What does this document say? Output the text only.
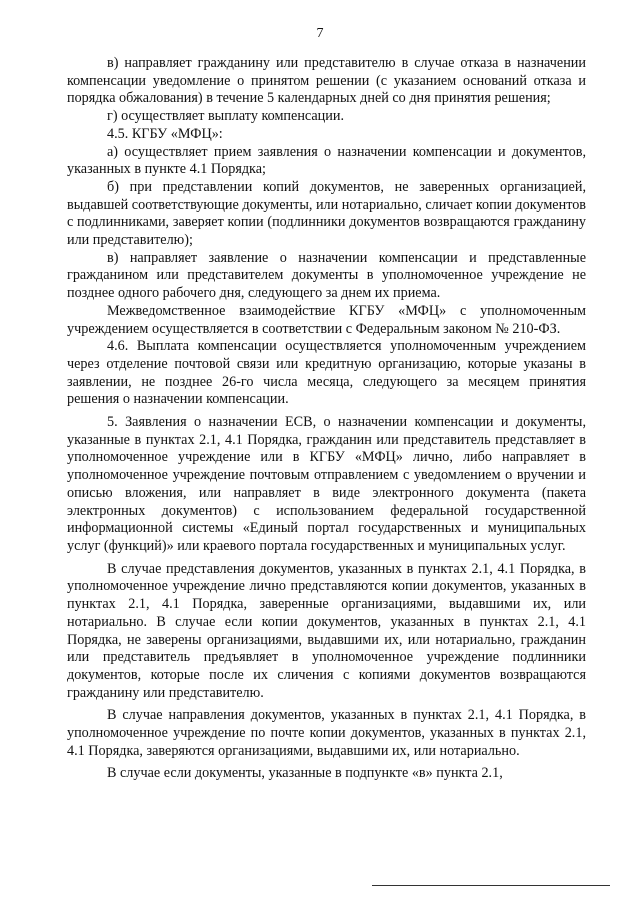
7

в) направляет гражданину или представителю в случае отказа в назначении компенсации уведомление о принятом решении (с указанием оснований отказа и порядка обжалования) в течение 5 календарных дней со дня принятия решения;

г) осуществляет выплату компенсации.

4.5. КГБУ «МФЦ»:

а) осуществляет прием заявления о назначении компенсации и документов, указанных в пункте 4.1 Порядка;

б) при представлении копий документов, не заверенных организацией, выдавшей соответствующие документы, или нотариально, сличает копии документов с подлинниками, заверяет копии (подлинники документов возвращаются гражданину или представителю);

в) направляет заявление о назначении компенсации и представленные гражданином или представителем документы в уполномоченное учреждение не позднее одного рабочего дня, следующего за днем их приема.

Межведомственное взаимодействие КГБУ «МФЦ» с уполномоченным учреждением осуществляется в соответствии с Федеральным законом № 210-ФЗ.

4.6. Выплата компенсации осуществляется уполномоченным учреждением через отделение почтовой связи или кредитную организацию, которые указаны в заявлении, не позднее 26-го числа месяца, следующего за месяцем принятия решения о назначении компенсации.

5. Заявления о назначении ЕСВ, о назначении компенсации и документы, указанные в пунктах 2.1, 4.1 Порядка, гражданин или представитель представляет в уполномоченное учреждение или в КГБУ «МФЦ» лично, либо направляет в уполномоченное учреждение почтовым отправлением с уведомлением о вручении и описью вложения, или направляет в виде электронного документа (пакета электронных документов) с использованием федеральной государственной информационной системы «Единый портал государственных и муниципальных услуг (функций)» или краевого портала государственных и муниципальных услуг.

В случае представления документов, указанных в пунктах 2.1, 4.1 Порядка, в уполномоченное учреждение лично представляются копии документов, указанных в пунктах 2.1, 4.1 Порядка, заверенные организациями, выдавшими их, или нотариально. В случае если копии документов, указанных в пунктах 2.1, 4.1 Порядка, не заверены организациями, выдавшими их, или нотариально, гражданин или представитель предъявляет в уполномоченное учреждение подлинники документов, которые после их сличения с копиями документов возвращаются гражданину или представителю.

В случае направления документов, указанных в пунктах 2.1, 4.1 Порядка, в уполномоченное учреждение по почте копии документов, указанных в пунктах 2.1, 4.1 Порядка, заверяются организациями, выдавшими их, или нотариально.

В случае если документы, указанные в подпункте «в» пункта 2.1,
